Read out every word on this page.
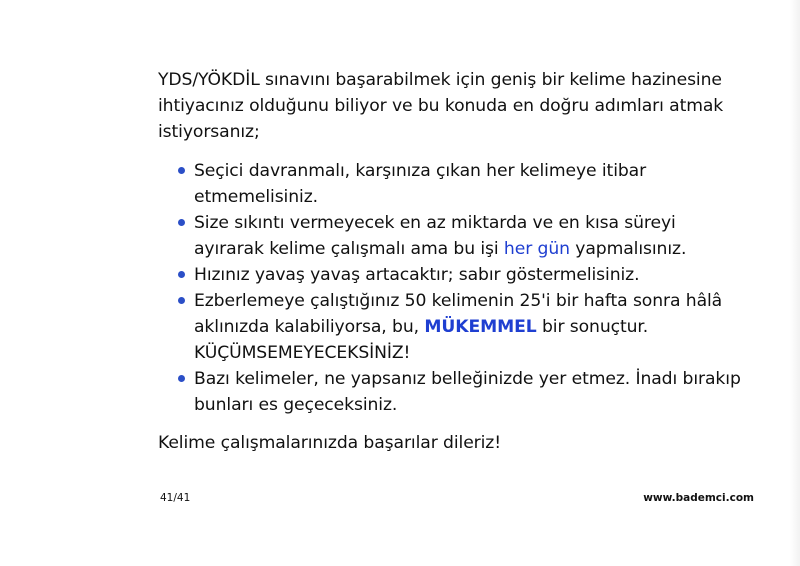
YDS/YÖKDİL sınavını başarabilmek için geniş bir kelime hazinesine ihtiyacınız olduğunu biliyor ve bu konuda en doğru adımları atmak istiyorsanız;

Seçici davranmalı, karşınıza çıkan her kelimeye itibar etmemelisiniz.
Size sıkıntı vermeyecek en az miktarda ve en kısa süreyi ayırarak kelime çalışmalı ama bu işi her gün yapmalısınız.
Hızınız yavaş yavaş artacaktır; sabır göstermelisiniz.
Ezberlemeye çalıştığınız 50 kelimenin 25'i bir hafta sonra hâlâ aklınızda kalabiliyorsa, bu, MÜKEMMEL bir sonuçtur. KÜÇÜMSEMEYECEKSİNİZ!
Bazı kelimeler, ne yapsanız belleğinizde yer etmez. İnadı bırakıp bunları es geçeceksiniz.

Kelime çalışmalarınızda başarılar dileriz!

41/41	www.bademci.com
